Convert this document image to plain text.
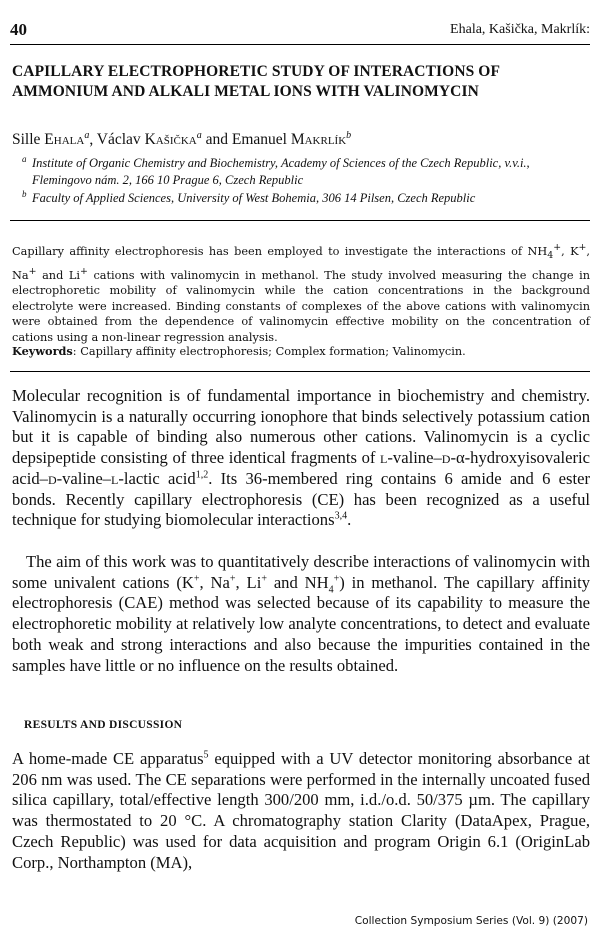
40	Ehala, Kašička, Makrlík:
CAPILLARY ELECTROPHORETIC STUDY OF INTERACTIONS OF
AMMONIUM AND ALKALI METAL IONS WITH VALINOMYCIN
Sille Ehala$^a$, Václav Kašička$^a$ and Emanuel Makrlík$^b$
a Institute of Organic Chemistry and Biochemistry, Academy of Sciences of the Czech Republic, v.v.i.,
Flemingovo nám. 2, 166 10 Prague 6, Czech Republic
b Faculty of Applied Sciences, University of West Bohemia, 306 14 Pilsen, Czech Republic
Capillary affinity electrophoresis has been employed to investigate the interactions of $NH_4^+$, K+, Na+ and Li+ cations with valinomycin in methanol. The study involved measuring the change in electrophoretic mobility of valinomycin while the cation concentrations in the background electrolyte were increased. Binding constants of complexes of the above cations with valinomycin were obtained from the dependence of valinomycin effective mobility on the concentration of cations using a non-linear regression analysis.
Keywords: Capillary affinity electrophoresis; Complex formation; Valinomycin.
Molecular recognition is of fundamental importance in biochemistry and chemistry. Valinomycin is a naturally occurring ionophore that binds selectively potassium cation but it is capable of binding also numerous other cations. Valinomycin is a cyclic depsipeptide consisting of three identical fragments of l-valine–d-α-hydroxyisovaleric acid–d-valine–l-lactic acid$^{1,2}$. Its 36-membered ring contains 6 amide and 6 ester bonds. Recently capillary electrophoresis (CE) has been recognized as a useful technique for studying biomolecular interactions$^{3,4}$.
The aim of this work was to quantitatively describe interactions of valinomycin with some univalent cations (K+, Na+, Li+ and $NH_4^+$) in methanol. The capillary affinity electrophoresis (CAE) method was selected because of its capability to measure the electrophoretic mobility at relatively low analyte concentrations, to detect and evaluate both weak and strong interactions and also because the impurities contained in the samples have little or no influence on the results obtained.
RESULTS AND DISCUSSION
A home-made CE apparatus$^5$ equipped with a UV detector monitoring absorbance at 206 nm was used. The CE separations were performed in the internally uncoated fused silica capillary, total/effective length 300/200 mm, i.d./o.d. 50/375 µm. The capillary was thermostated to 20 °C. A chromatography station Clarity (DataApex, Prague, Czech Republic) was used for data acquisition and program Origin 6.1 (OriginLab Corp., Northampton (MA),
Collection Symposium Series (Vol. 9) (2007)
